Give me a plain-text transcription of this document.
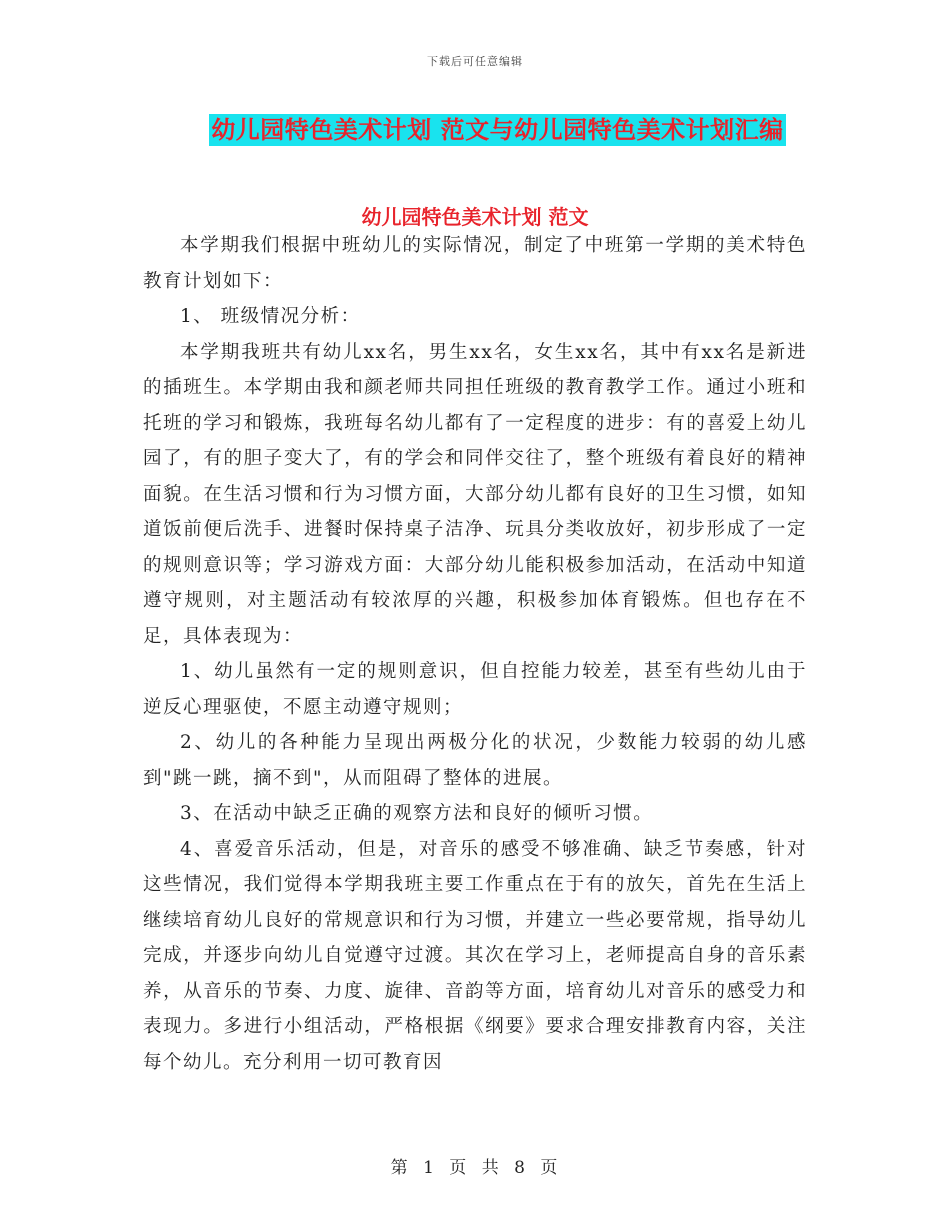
下载后可任意编辑
幼儿园特色美术计划 范文与幼儿园特色美术计划汇编
幼儿园特色美术计划 范文

本学期我们根据中班幼儿的实际情况，制定了中班第一学期的美术特色教育计划如下：

1、 班级情况分析：

本学期我班共有幼儿xx名，男生xx名，女生xx名，其中有xx名是新进的插班生。本学期由我和颜老师共同担任班级的教育教学工作。通过小班和托班的学习和锻炼，我班每名幼儿都有了一定程度的进步：有的喜爱上幼儿园了，有的胆子变大了，有的学会和同伴交往了，整个班级有着良好的精神面貌。在生活习惯和行为习惯方面，大部分幼儿都有良好的卫生习惯，如知道饭前便后洗手、进餐时保持桌子洁净、玩具分类收放好，初步形成了一定的规则意识等；学习游戏方面：大部分幼儿能积极参加活动，在活动中知道遵守规则，对主题活动有较浓厚的兴趣，积极参加体育锻炼。但也存在不足，具体表现为：

1、幼儿虽然有一定的规则意识，但自控能力较差，甚至有些幼儿由于逆反心理驱使，不愿主动遵守规则；

2、幼儿的各种能力呈现出两极分化的状况，少数能力较弱的幼儿感到"跳一跳，摘不到"，从而阻碍了整体的进展。

3、在活动中缺乏正确的观察方法和良好的倾听习惯。

4、喜爱音乐活动，但是，对音乐的感受不够准确、缺乏节奏感，针对这些情况，我们觉得本学期我班主要工作重点在于有的放矢，首先在生活上继续培育幼儿良好的常规意识和行为习惯，并建立一些必要常规，指导幼儿完成，并逐步向幼儿自觉遵守过渡。其次在学习上，老师提高自身的音乐素养，从音乐的节奏、力度、旋律、音韵等方面，培育幼儿对音乐的感受力和表现力。多进行小组活动，严格根据《纲要》要求合理安排教育内容，关注每个幼儿。充分利用一切可教育因

第 1 页 共 8 页
